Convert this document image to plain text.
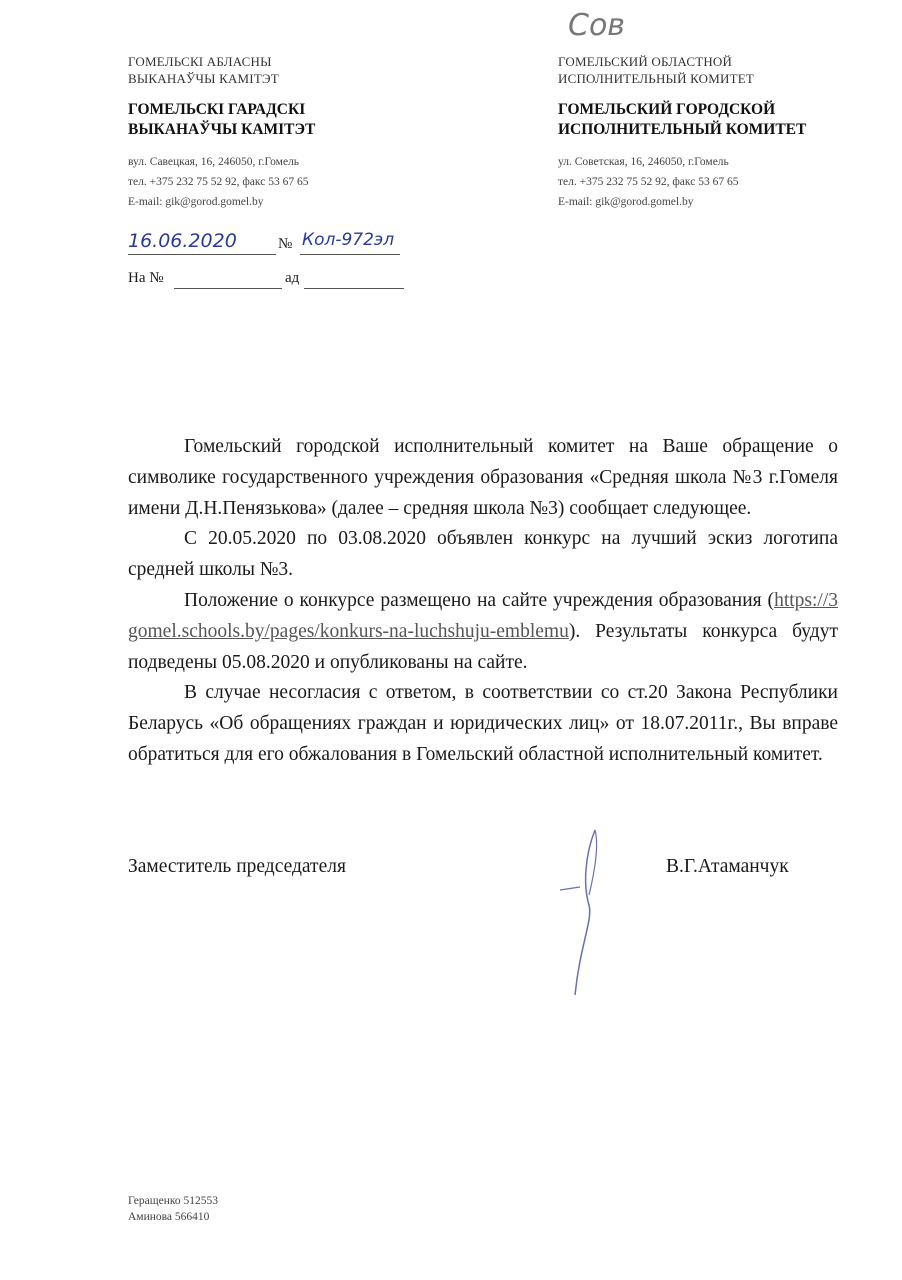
Сов
ГОМЕЛЬСКІ АБЛАСНЫ
ВЫКАНАЎЧЫ КАМІТЭТ
ГОМЕЛЬСКІ ГАРАДСКІ
ВЫКАНАЎЧЫ КАМІТЭТ
вул. Савецкая, 16, 246050, г.Гомель
тел. +375 232 75 52 92, факс 53 67 65
E-mail: gik@gorod.gomel.by
ГОМЕЛЬСКИЙ ОБЛАСТНОЙ
ИСПОЛНИТЕЛЬНЫЙ КОМИТЕТ
ГОМЕЛЬСКИЙ ГОРОДСКОЙ
ИСПОЛНИТЕЛЬНЫЙ КОМИТЕТ
ул. Советская, 16, 246050, г.Гомель
тел. +375 232 75 52 92, факс 53 67 65
E-mail: gik@gorod.gomel.by
16.06.2020	№ Кол-972эл
На №	ад

Гомельский городской исполнительный комитет на Ваше обращение о символике государственного учреждения образования «Средняя школа №3 г.Гомеля имени Д.Н.Пенязькова» (далее – средняя школа №3) сообщает следующее.

С 20.05.2020 по 03.08.2020 объявлен конкурс на лучший эскиз логотипа средней школы №3.

Положение о конкурсе размещено на сайте учреждения образования (https://3gomel.schools.by/pages/konkurs-na-luchshuju-emblemu). Результаты конкурса будут подведены 05.08.2020 и опубликованы на сайте.

В случае несогласия с ответом, в соответствии со ст.20 Закона Республики Беларусь «Об обращениях граждан и юридических лиц» от 18.07.2011г., Вы вправе обратиться для его обжалования в Гомельский областной исполнительный комитет.

Заместитель председателя	В.Г.Атаманчук
Геращенко 512553
Аминова 566410
